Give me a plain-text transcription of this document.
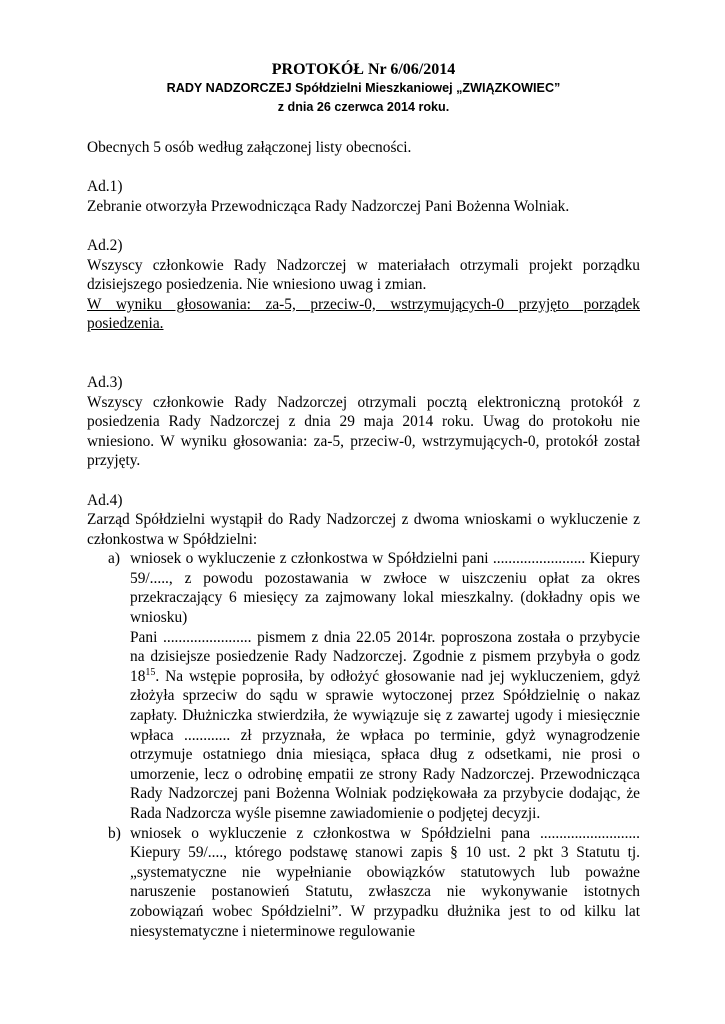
PROTOKÓŁ Nr 6/06/2014
RADY NADZORCZEJ Spółdzielni Mieszkaniowej „ZWIĄZKOWIEC”
z dnia 26 czerwca 2014 roku.

Obecnych 5 osób według załączonej listy obecności.

Ad.1)

Zebranie otworzyła Przewodnicząca Rady Nadzorczej Pani Bożenna Wolniak.

Ad.2)

Wszyscy członkowie Rady Nadzorczej w materiałach otrzymali projekt porządku dzisiejszego posiedzenia. Nie wniesiono uwag i zmian.

W wyniku głosowania: za-5, przeciw-0, wstrzymujących-0 przyjęto porządek posiedzenia.

Ad.3)

Wszyscy członkowie Rady Nadzorczej otrzymali pocztą elektroniczną protokół z posiedzenia Rady Nadzorczej z dnia 29 maja 2014 roku. Uwag do protokołu nie wniesiono. W wyniku głosowania: za-5, przeciw-0, wstrzymujących-0, protokół został przyjęty.

Ad.4)

Zarząd Spółdzielni wystąpił do Rady Nadzorczej z dwoma wnioskami o wykluczenie z członkostwa w Spółdzielni:

a) wniosek o wykluczenie z członkostwa w Spółdzielni pani ........................ Kiepury 59/....., z powodu pozostawania w zwłoce w uiszczeniu opłat za okres przekraczający 6 miesięcy za zajmowany lokal mieszkalny. (dokładny opis we wniosku)

Pani ....................... pismem z dnia 22.05 2014r. poproszona została o przybycie na dzisiejsze posiedzenie Rady Nadzorczej. Zgodnie z pismem przybyła o godz $18^{15}$. Na wstępie poprosiła, by odłożyć głosowanie nad jej wykluczeniem, gdyż złożyła sprzeciw do sądu w sprawie wytoczonej przez Spółdzielnię o nakaz zapłaty. Dłużniczka stwierdziła, że wywiązuje się z zawartej ugody i miesięcznie wpłaca ............ zł przyznała, że wpłaca po terminie, gdyż wynagrodzenie otrzymuje ostatniego dnia miesiąca, spłaca dług z odsetkami, nie prosi o umorzenie, lecz o odrobinę empatii ze strony Rady Nadzorczej. Przewodnicząca Rady Nadzorczej pani Bożenna Wolniak podziękowała za przybycie dodając, że Rada Nadzorcza wyśle pisemne zawiadomienie o podjętej decyzji.

b) wniosek o wykluczenie z członkostwa w Spółdzielni pana .......................... Kiepury 59/...., którego podstawę stanowi zapis § 10 ust. 2 pkt 3 Statutu tj. „systematyczne nie wypełnianie obowiązków statutowych lub poważne naruszenie postanowień Statutu, zwłaszcza nie wykonywanie istotnych zobowiązań wobec Spółdzielni”. W przypadku dłużnika jest to od kilku lat niesystematyczne i nieterminowe regulowanie
